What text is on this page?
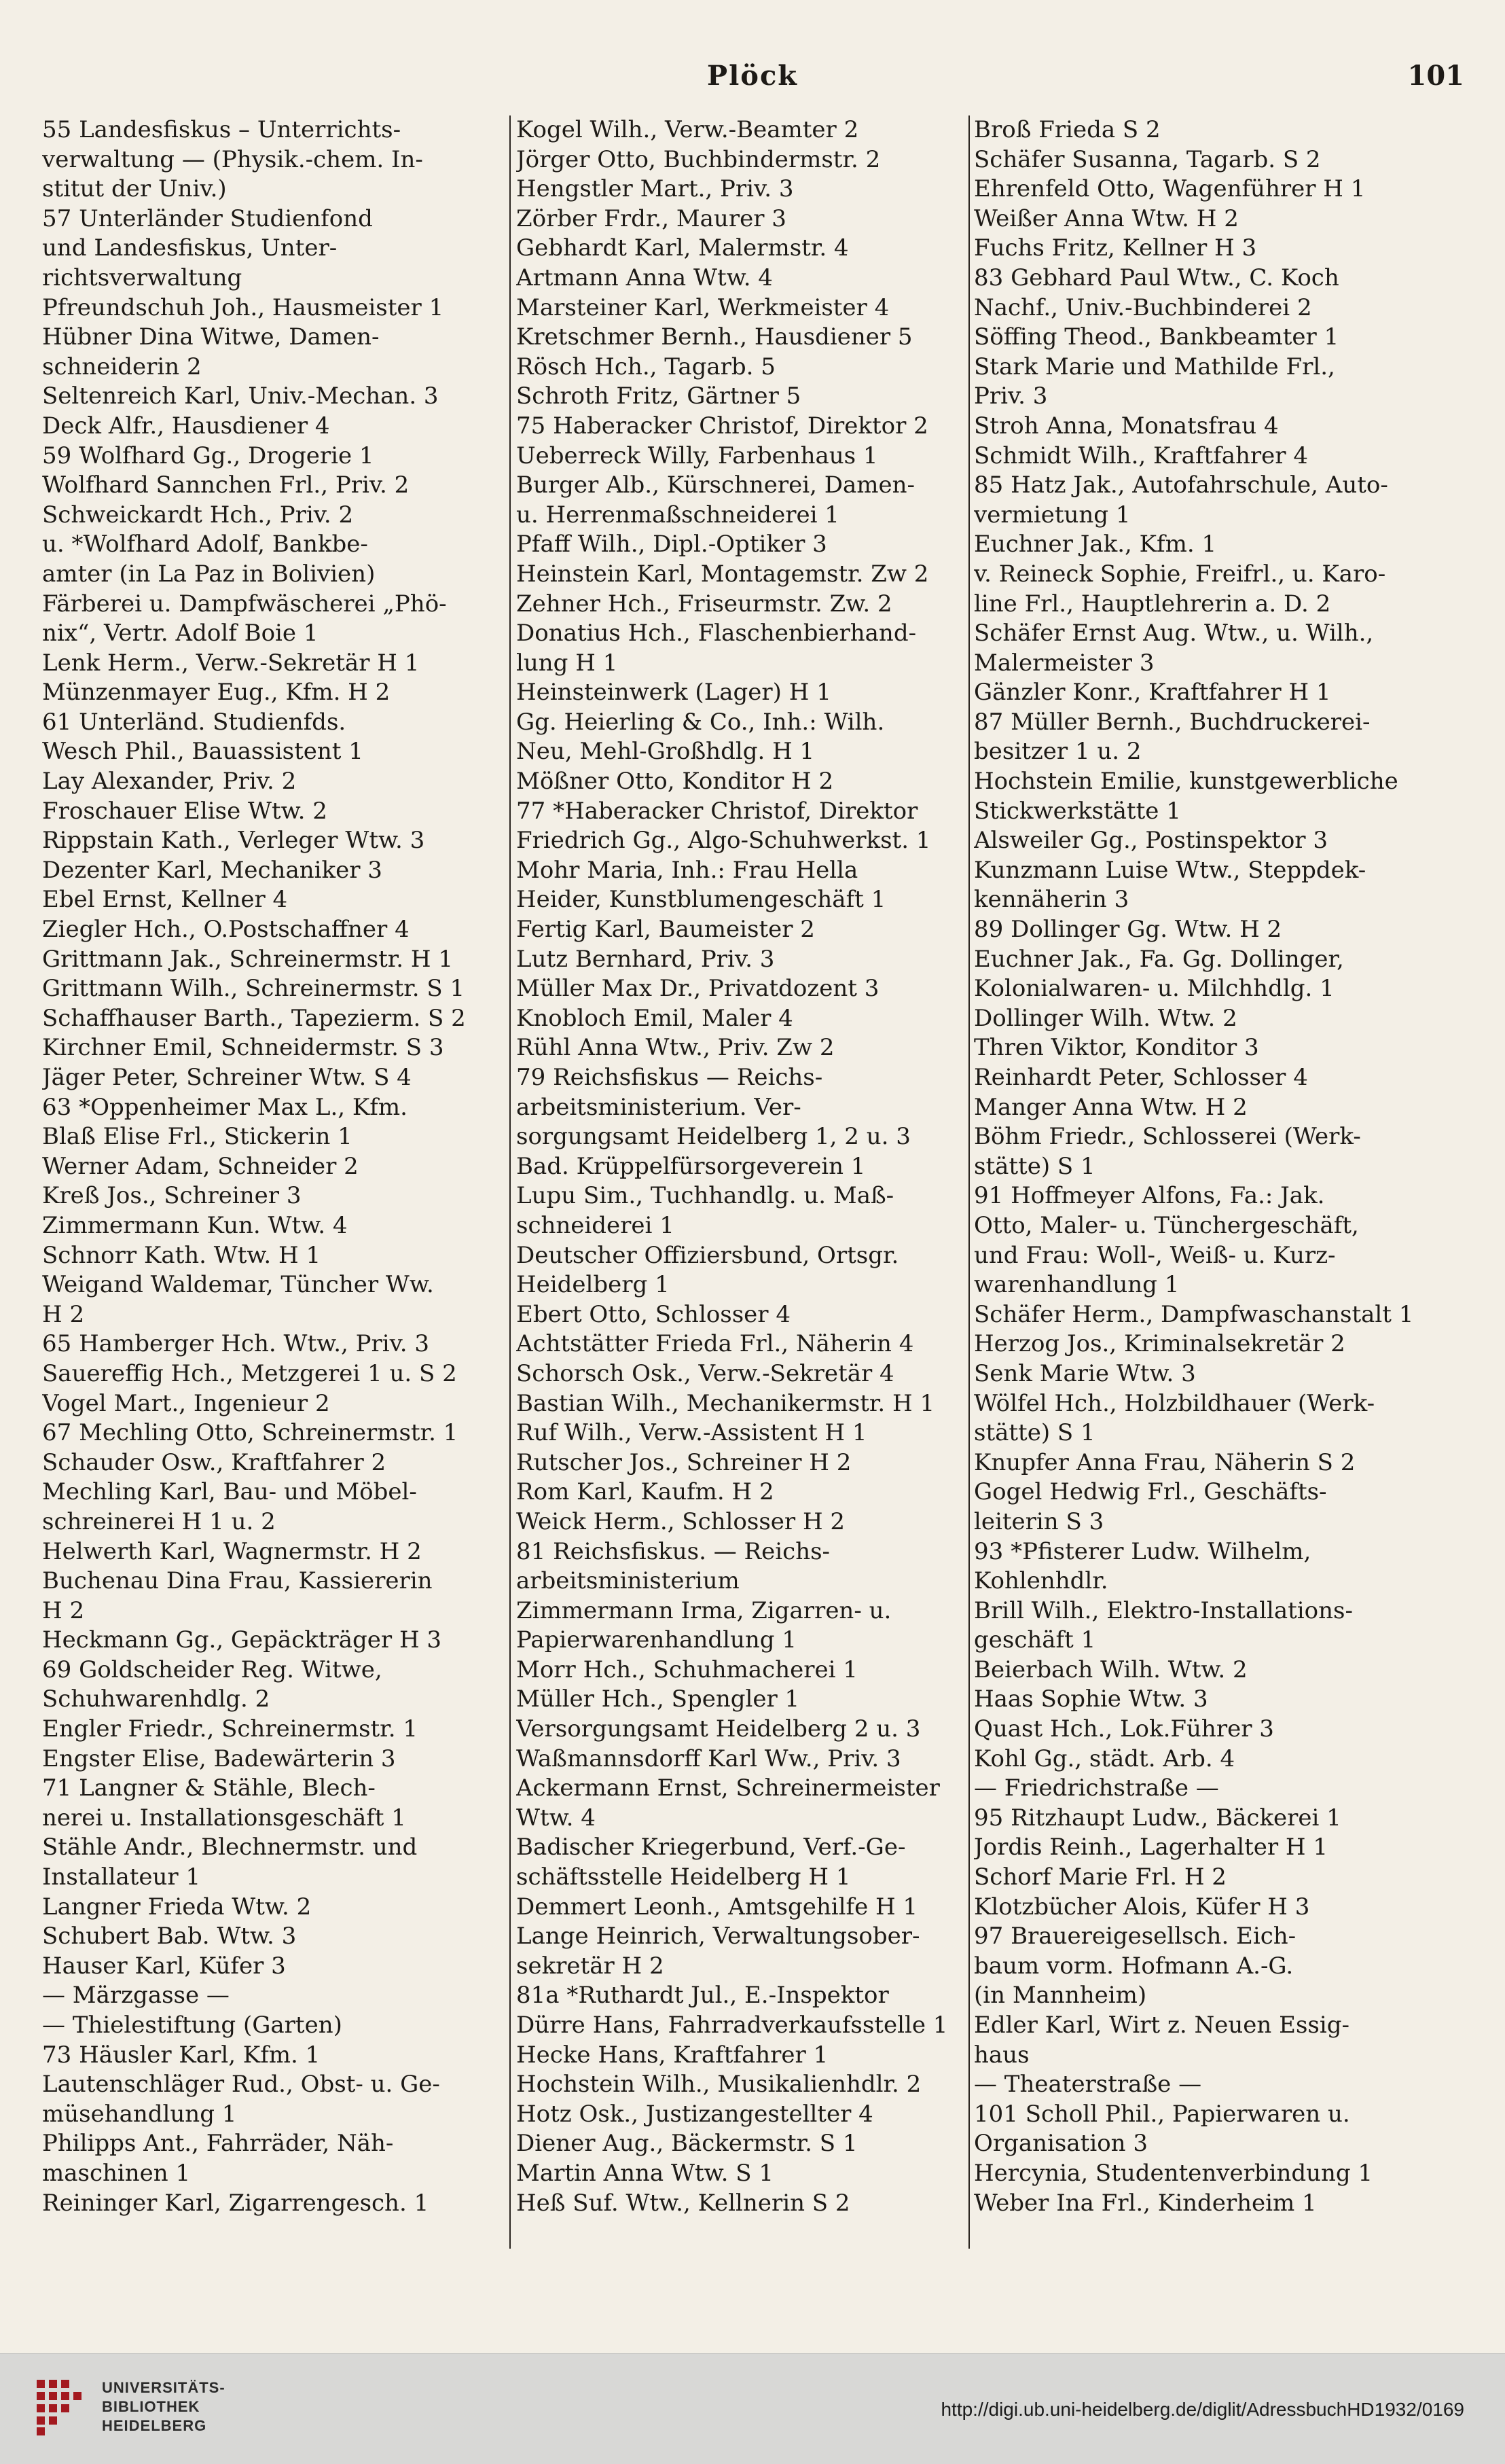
Plöck	101
55 Landesfiskus – Unterrichts-
verwaltung — (Physik.-chem. In-
stitut der Univ.)
57 Unterländer Studienfond
und Landesfiskus, Unter-
richtsverwaltung
Pfreundschuh Joh., Hausmeister 1
Hübner Dina Witwe, Damen-
schneiderin 2
Seltenreich Karl, Univ.-Mechan. 3
Deck Alfr., Hausdiener 4
59 Wolfhard Gg., Drogerie 1
Wolfhard Sannchen Frl., Priv. 2
Schweickardt Hch., Priv. 2
u. *Wolfhard Adolf, Bankbe-
amter (in La Paz in Bolivien)
Färberei u. Dampfwäscherei „Phö-
nix“, Vertr. Adolf Boie 1
Lenk Herm., Verw.-Sekretär H 1
Münzenmayer Eug., Kfm. H 2
61 Unterländ. Studienfds.
Wesch Phil., Bauassistent 1
Lay Alexander, Priv. 2
Froschauer Elise Wtw. 2
Rippstain Kath., Verleger Wtw. 3
Dezenter Karl, Mechaniker 3
Ebel Ernst, Kellner 4
Ziegler Hch., O.Postschaffner 4
Grittmann Jak., Schreinermstr. H 1
Grittmann Wilh., Schreinermstr. S 1
Schaffhauser Barth., Tapezierm. S 2
Kirchner Emil, Schneidermstr. S 3
Jäger Peter, Schreiner Wtw. S 4
63 *Oppenheimer Max L., Kfm.
Blaß Elise Frl., Stickerin 1
Werner Adam, Schneider 2
Kreß Jos., Schreiner 3
Zimmermann Kun. Wtw. 4
Schnorr Kath. Wtw. H 1
Weigand Waldemar, Tüncher Ww.
H 2
65 Hamberger Hch. Wtw., Priv. 3
Sauereffig Hch., Metzgerei 1 u. S 2
Vogel Mart., Ingenieur 2
67 Mechling Otto, Schreinermstr. 1
Schauder Osw., Kraftfahrer 2
Mechling Karl, Bau- und Möbel-
schreinerei H 1 u. 2
Helwerth Karl, Wagnermstr. H 2
Buchenau Dina Frau, Kassiererin
H 2
Heckmann Gg., Gepäckträger H 3
69 Goldscheider Reg. Witwe,
Schuhwarenhdlg. 2
Engler Friedr., Schreinermstr. 1
Engster Elise, Badewärterin 3
71 Langner & Stähle, Blech-
nerei u. Installationsgeschäft 1
Stähle Andr., Blechnermstr. und
Installateur 1
Langner Frieda Wtw. 2
Schubert Bab. Wtw. 3
Hauser Karl, Küfer 3
— Märzgasse —
— Thielestiftung (Garten)
73 Häusler Karl, Kfm. 1
Lautenschläger Rud., Obst- u. Ge-
müsehandlung 1
Philipps Ant., Fahrräder, Näh-
maschinen 1
Reininger Karl, Zigarrengesch. 1
Kogel Wilh., Verw.-Beamter 2
Jörger Otto, Buchbindermstr. 2
Hengstler Mart., Priv. 3
Zörber Frdr., Maurer 3
Gebhardt Karl, Malermstr. 4
Artmann Anna Wtw. 4
Marsteiner Karl, Werkmeister 4
Kretschmer Bernh., Hausdiener 5
Rösch Hch., Tagarb. 5
Schroth Fritz, Gärtner 5
75 Haberacker Christof, Direktor 2
Ueberreck Willy, Farbenhaus 1
Burger Alb., Kürschnerei, Damen-
u. Herrenmaßschneiderei 1
Pfaff Wilh., Dipl.-Optiker 3
Heinstein Karl, Montagemstr. Zw 2
Zehner Hch., Friseurmstr. Zw. 2
Donatius Hch., Flaschenbierhand-
lung H 1
Heinsteinwerk (Lager) H 1
Gg. Heierling & Co., Inh.: Wilh.
Neu, Mehl-Großhdlg. H 1
Mößner Otto, Konditor H 2
77 *Haberacker Christof, Direktor
Friedrich Gg., Algo-Schuhwerkst. 1
Mohr Maria, Inh.: Frau Hella
Heider, Kunstblumengeschäft 1
Fertig Karl, Baumeister 2
Lutz Bernhard, Priv. 3
Müller Max Dr., Privatdozent 3
Knobloch Emil, Maler 4
Rühl Anna Wtw., Priv. Zw 2
79 Reichsfiskus — Reichs-
arbeitsministerium. Ver-
sorgungsamt Heidelberg 1, 2 u. 3
Bad. Krüppelfürsorgeverein 1
Lupu Sim., Tuchhandlg. u. Maß-
schneiderei 1
Deutscher Offiziersbund, Ortsgr.
Heidelberg 1
Ebert Otto, Schlosser 4
Achtstätter Frieda Frl., Näherin 4
Schorsch Osk., Verw.-Sekretär 4
Bastian Wilh., Mechanikermstr. H 1
Ruf Wilh., Verw.-Assistent H 1
Rutscher Jos., Schreiner H 2
Rom Karl, Kaufm. H 2
Weick Herm., Schlosser H 2
81 Reichsfiskus. — Reichs-
arbeitsministerium
Zimmermann Irma, Zigarren- u.
Papierwarenhandlung 1
Morr Hch., Schuhmacherei 1
Müller Hch., Spengler 1
Versorgungsamt Heidelberg 2 u. 3
Waßmannsdorff Karl Ww., Priv. 3
Ackermann Ernst, Schreinermeister
Wtw. 4
Badischer Kriegerbund, Verf.-Ge-
schäftsstelle Heidelberg H 1
Demmert Leonh., Amtsgehilfe H 1
Lange Heinrich, Verwaltungsober-
sekretär H 2
81a *Ruthardt Jul., E.-Inspektor
Dürre Hans, Fahrradverkaufsstelle 1
Hecke Hans, Kraftfahrer 1
Hochstein Wilh., Musikalienhdlr. 2
Hotz Osk., Justizangestellter 4
Diener Aug., Bäckermstr. S 1
Martin Anna Wtw. S 1
Heß Suf. Wtw., Kellnerin S 2
Broß Frieda S 2
Schäfer Susanna, Tagarb. S 2
Ehrenfeld Otto, Wagenführer H 1
Weißer Anna Wtw. H 2
Fuchs Fritz, Kellner H 3
83 Gebhard Paul Wtw., C. Koch
Nachf., Univ.-Buchbinderei 2
Söffing Theod., Bankbeamter 1
Stark Marie und Mathilde Frl.,
Priv. 3
Stroh Anna, Monatsfrau 4
Schmidt Wilh., Kraftfahrer 4
85 Hatz Jak., Autofahrschule, Auto-
vermietung 1
Euchner Jak., Kfm. 1
v. Reineck Sophie, Freifrl., u. Karo-
line Frl., Hauptlehrerin a. D. 2
Schäfer Ernst Aug. Wtw., u. Wilh.,
Malermeister 3
Gänzler Konr., Kraftfahrer H 1
87 Müller Bernh., Buchdruckerei-
besitzer 1 u. 2
Hochstein Emilie, kunstgewerbliche
Stickwerkstätte 1
Alsweiler Gg., Postinspektor 3
Kunzmann Luise Wtw., Steppdek-
kennäherin 3
89 Dollinger Gg. Wtw. H 2
Euchner Jak., Fa. Gg. Dollinger,
Kolonialwaren- u. Milchhdlg. 1
Dollinger Wilh. Wtw. 2
Thren Viktor, Konditor 3
Reinhardt Peter, Schlosser 4
Manger Anna Wtw. H 2
Böhm Friedr., Schlosserei (Werk-
stätte) S 1
91 Hoffmeyer Alfons, Fa.: Jak.
Otto, Maler- u. Tünchergeschäft,
und Frau: Woll-, Weiß- u. Kurz-
warenhandlung 1
Schäfer Herm., Dampfwaschanstalt 1
Herzog Jos., Kriminalsekretär 2
Senk Marie Wtw. 3
Wölfel Hch., Holzbildhauer (Werk-
stätte) S 1
Knupfer Anna Frau, Näherin S 2
Gogel Hedwig Frl., Geschäfts-
leiterin S 3
93 *Pfisterer Ludw. Wilhelm,
Kohlenhdlr.
Brill Wilh., Elektro-Installations-
geschäft 1
Beierbach Wilh. Wtw. 2
Haas Sophie Wtw. 3
Quast Hch., Lok.Führer 3
Kohl Gg., städt. Arb. 4
— Friedrichstraße —
95 Ritzhaupt Ludw., Bäckerei 1
Jordis Reinh., Lagerhalter H 1
Schorf Marie Frl. H 2
Klotzbücher Alois, Küfer H 3
97 Brauereigesellsch. Eich-
baum vorm. Hofmann A.-G.
(in Mannheim)
Edler Karl, Wirt z. Neuen Essig-
haus
— Theaterstraße —
101 Scholl Phil., Papierwaren u.
Organisation 3
Hercynia, Studentenverbindung 1
Weber Ina Frl., Kinderheim 1
UNIVERSITÄTS-
BIBLIOTHEK
HEIDELBERG
http://digi.ub.uni-heidelberg.de/diglit/AdressbuchHD1932/0169
